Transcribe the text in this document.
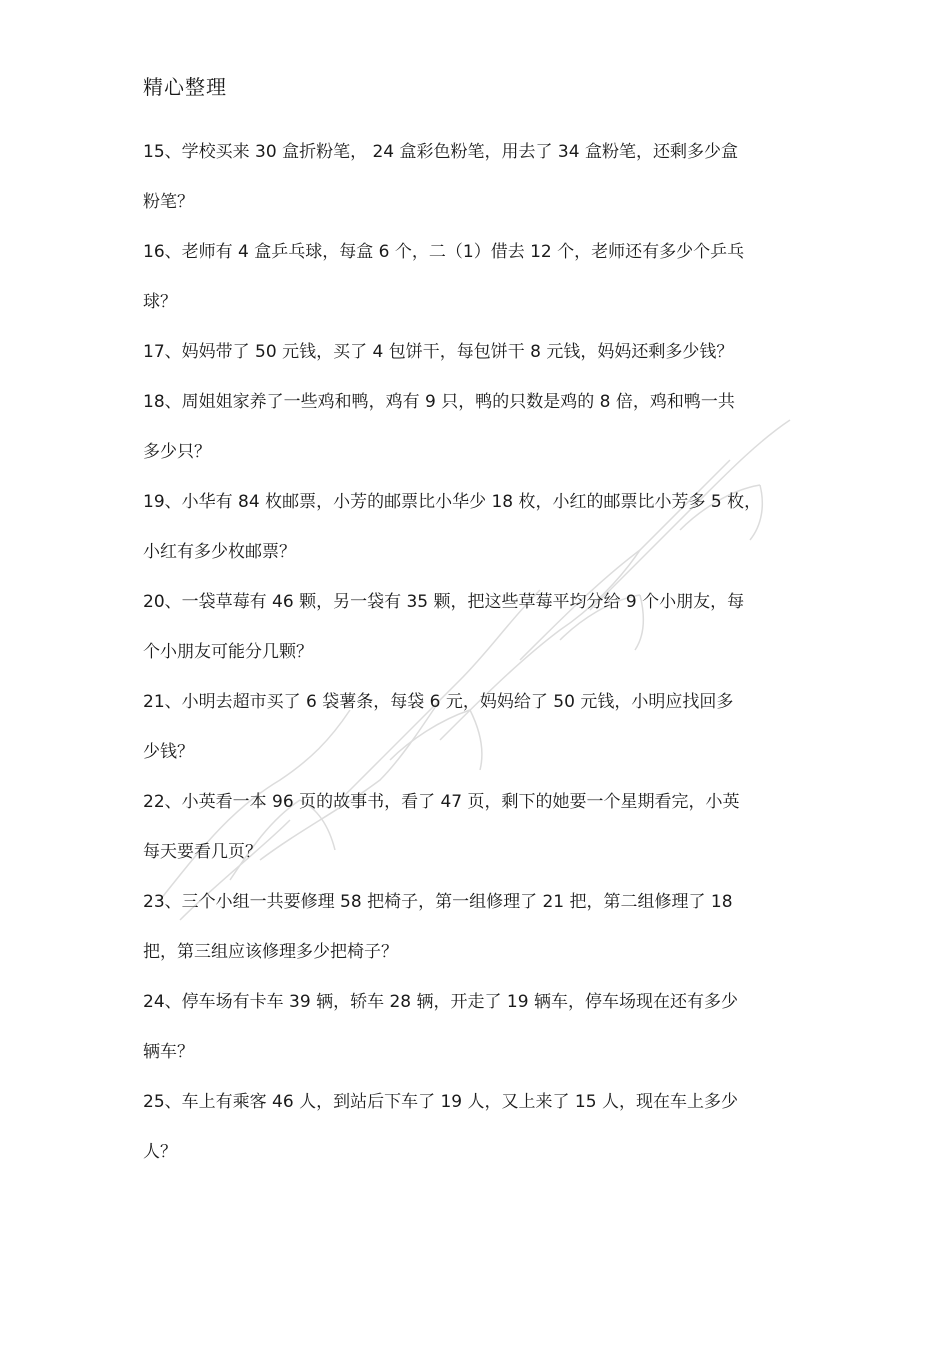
精心整理
15、学校买来 30 盒折粉笔， 24 盒彩色粉笔，用去了 34 盒粉笔，还剩多少盒
粉笔？
16、老师有 4 盒乒乓球，每盒 6 个，二（1）借去 12 个，老师还有多少个乒乓
球？
17、妈妈带了 50 元钱，买了 4 包饼干，每包饼干 8 元钱，妈妈还剩多少钱？
18、周姐姐家养了一些鸡和鸭，鸡有 9 只，鸭的只数是鸡的 8 倍，鸡和鸭一共
多少只？
19、小华有 84 枚邮票，小芳的邮票比小华少 18 枚，小红的邮票比小芳多 5 枚，
小红有多少枚邮票？
20、一袋草莓有 46 颗，另一袋有 35 颗，把这些草莓平均分给 9 个小朋友，每
个小朋友可能分几颗？
21、小明去超市买了 6 袋薯条，每袋 6 元，妈妈给了 50 元钱，小明应找回多
少钱？
22、小英看一本 96 页的故事书，看了 47 页，剩下的她要一个星期看完，小英
每天要看几页？
23、三个小组一共要修理 58 把椅子，第一组修理了 21 把，第二组修理了 18
把，第三组应该修理多少把椅子？
24、停车场有卡车 39 辆，轿车 28 辆，开走了 19 辆车，停车场现在还有多少
辆车？
25、车上有乘客 46 人，到站后下车了 19 人，又上来了 15 人，现在车上多少
人？
